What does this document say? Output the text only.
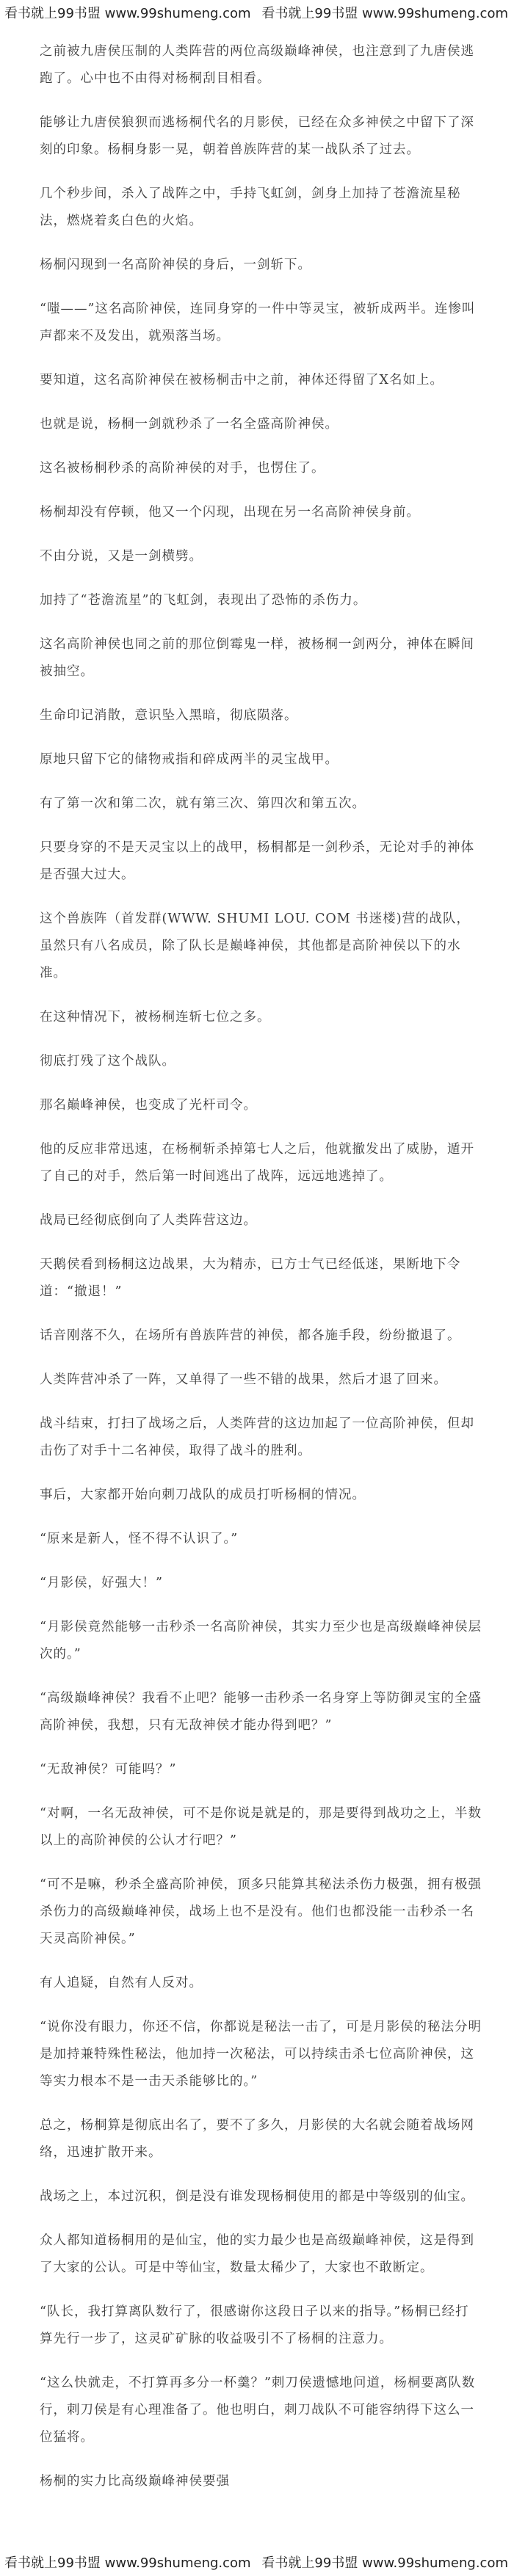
看书就上99书盟 www.99shumeng.com 看书就上99书盟 www.99shumeng.com

之前被九唐侯压制的人类阵营的两位高级巅峰神侯，也注意到了九唐侯逃跑了。心中也不由得对杨桐刮目相看。

能够让九唐侯狼狈而逃杨桐代名的月影侯，已经在众多神侯之中留下了深刻的印象。杨桐身影一晃，朝着兽族阵营的某一战队杀了过去。

几个秒步间，杀入了战阵之中，手持飞虹剑，剑身上加持了苍澹流星秘法，燃烧着炙白色的火焰。

杨桐闪现到一名高阶神侯的身后，一剑斩下。

“嗤——”这名高阶神侯，连同身穿的一件中等灵宝，被斩成两半。连惨叫声都来不及发出，就殒落当场。

要知道，这名高阶神侯在被杨桐击中之前，神体还得留了X名如上。

也就是说，杨桐一剑就秒杀了一名全盛高阶神侯。

这名被杨桐秒杀的高阶神侯的对手，也愣住了。

杨桐却没有停顿，他又一个闪现，出现在另一名高阶神侯身前。

不由分说，又是一剑横劈。

加持了“苍澹流星”的飞虹剑，表现出了恐怖的杀伤力。

这名高阶神侯也同之前的那位倒霉鬼一样，被杨桐一剑两分，神体在瞬间被抽空。

生命印记消散，意识坠入黑暗，彻底陨落。

原地只留下它的储物戒指和碎成两半的灵宝战甲。

有了第一次和第二次，就有第三次、第四次和第五次。

只要身穿的不是天灵宝以上的战甲，杨桐都是一剑秒杀，无论对手的神体是否强大过大。

这个兽族阵（首发群(WWW. SHUMI LOU. COM 书迷楼)营的战队，虽然只有八名成员，除了队长是巅峰神侯，其他都是高阶神侯以下的水准。

在这种情况下，被杨桐连斩七位之多。

彻底打残了这个战队。

那名巅峰神侯，也变成了光杆司令。

他的反应非常迅速，在杨桐斩杀掉第七人之后，他就撤发出了威胁，遁开了自己的对手，然后第一时间逃出了战阵，远远地逃掉了。

战局已经彻底倒向了人类阵营这边。

天鹅侯看到杨桐这边战果，大为精赤，已方士气已经低迷，果断地下令道：“撤退！”

话音刚落不久，在场所有兽族阵营的神侯，都各施手段，纷纷撤退了。

人类阵营冲杀了一阵，又单得了一些不错的战果，然后才退了回来。

战斗结束，打扫了战场之后，人类阵营的这边加起了一位高阶神侯，但却击伤了对手十二名神侯，取得了战斗的胜利。

事后，大家都开始向刺刀战队的成员打听杨桐的情况。

“原来是新人，怪不得不认识了。”

“月影侯，好强大！”

“月影侯竟然能够一击秒杀一名高阶神侯，其实力至少也是高级巅峰神侯层次的。”

“高级巅峰神侯？我看不止吧？能够一击秒杀一名身穿上等防御灵宝的全盛高阶神侯，我想，只有无敌神侯才能办得到吧？”

“无敌神侯？可能吗？”

“对啊，一名无敌神侯，可不是你说是就是的，那是要得到战功之上，半数以上的高阶神侯的公认才行吧？”

“可不是嘛，秒杀全盛高阶神侯，顶多只能算其秘法杀伤力极强，拥有极强杀伤力的高级巅峰神侯，战场上也不是没有。他们也都没能一击秒杀一名天灵高阶神侯。”

有人追疑，自然有人反对。

“说你没有眼力，你还不信，你都说是秘法一击了，可是月影侯的秘法分明是加持兼特殊性秘法，他加持一次秘法，可以持续击杀七位高阶神侯，这等实力根本不是一击天杀能够比的。”

总之，杨桐算是彻底出名了，要不了多久，月影侯的大名就会随着战场网络，迅速扩散开来。

战场之上，本过沉积，倒是没有谁发现杨桐使用的都是中等级别的仙宝。

众人都知道杨桐用的是仙宝，他的实力最少也是高级巅峰神侯，这是得到了大家的公认。可是中等仙宝，数量太稀少了，大家也不敢断定。

“队长，我打算离队数行了，很感谢你这段日子以来的指导。”杨桐已经打算先行一步了，这灵矿矿脉的收益吸引不了杨桐的注意力。

“这么快就走，不打算再多分一杯羹？”刺刀侯遗憾地问道，杨桐要离队数行，刺刀侯是有心理准备了。他也明白，刺刀战队不可能容纳得下这么一位猛将。

杨桐的实力比高级巅峰神侯要强

看书就上99书盟 www.99shumeng.com 看书就上99书盟 www.99shumeng.com
